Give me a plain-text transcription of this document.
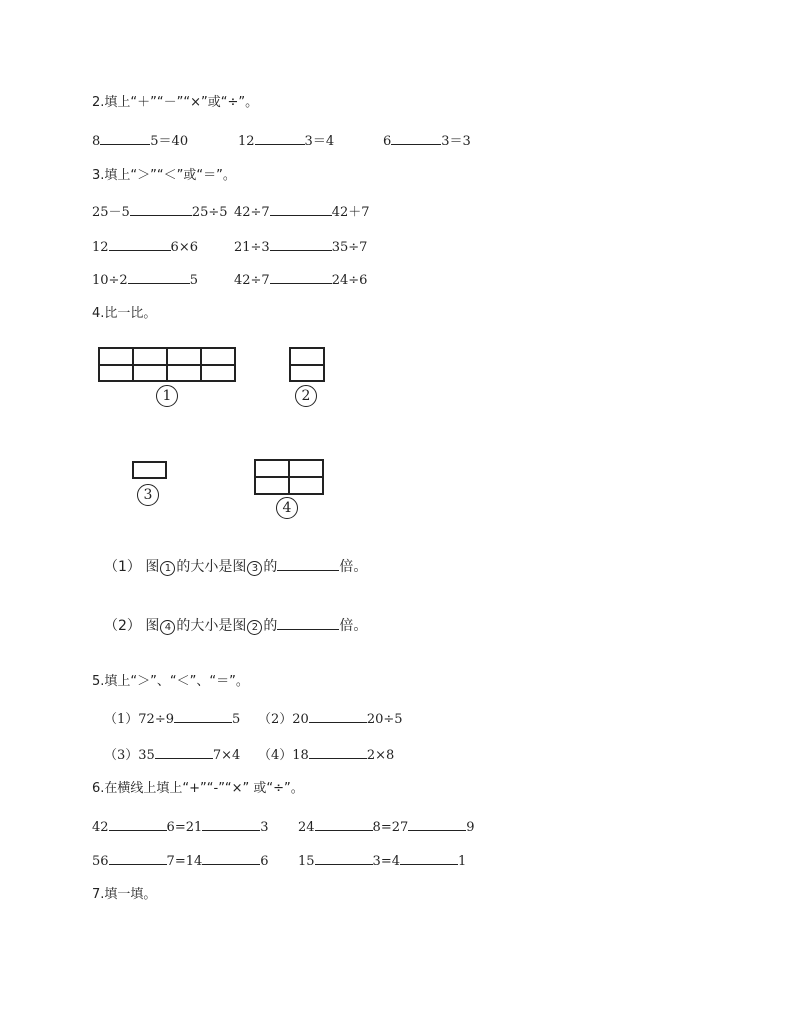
2.填上“＋”“－”“×”或“÷”。
8	5＝40	12	3＝4	6	3＝3
3.填上“＞”“＜”或“＝”。
25－5	25÷5 42÷7	42＋7
12	6×6	21÷3	35÷7
10÷2	5	42÷7	24÷6
4.比一比。
1	2
3
4
（1） 图 1 的大小是图 3 的	倍。
（2） 图 4 的大小是图 2 的	倍。
5.填上“＞”、“＜”、“＝”。
（1）72÷9	5 （2）20	20÷5
（3）35	7×4 （4）18	2×8
6.在横线上填上“+”“-”“×” 或“÷”。
42	6=21	3 24	8=27	9
56	7=14	6 15	3=4	1
7.填一填。
